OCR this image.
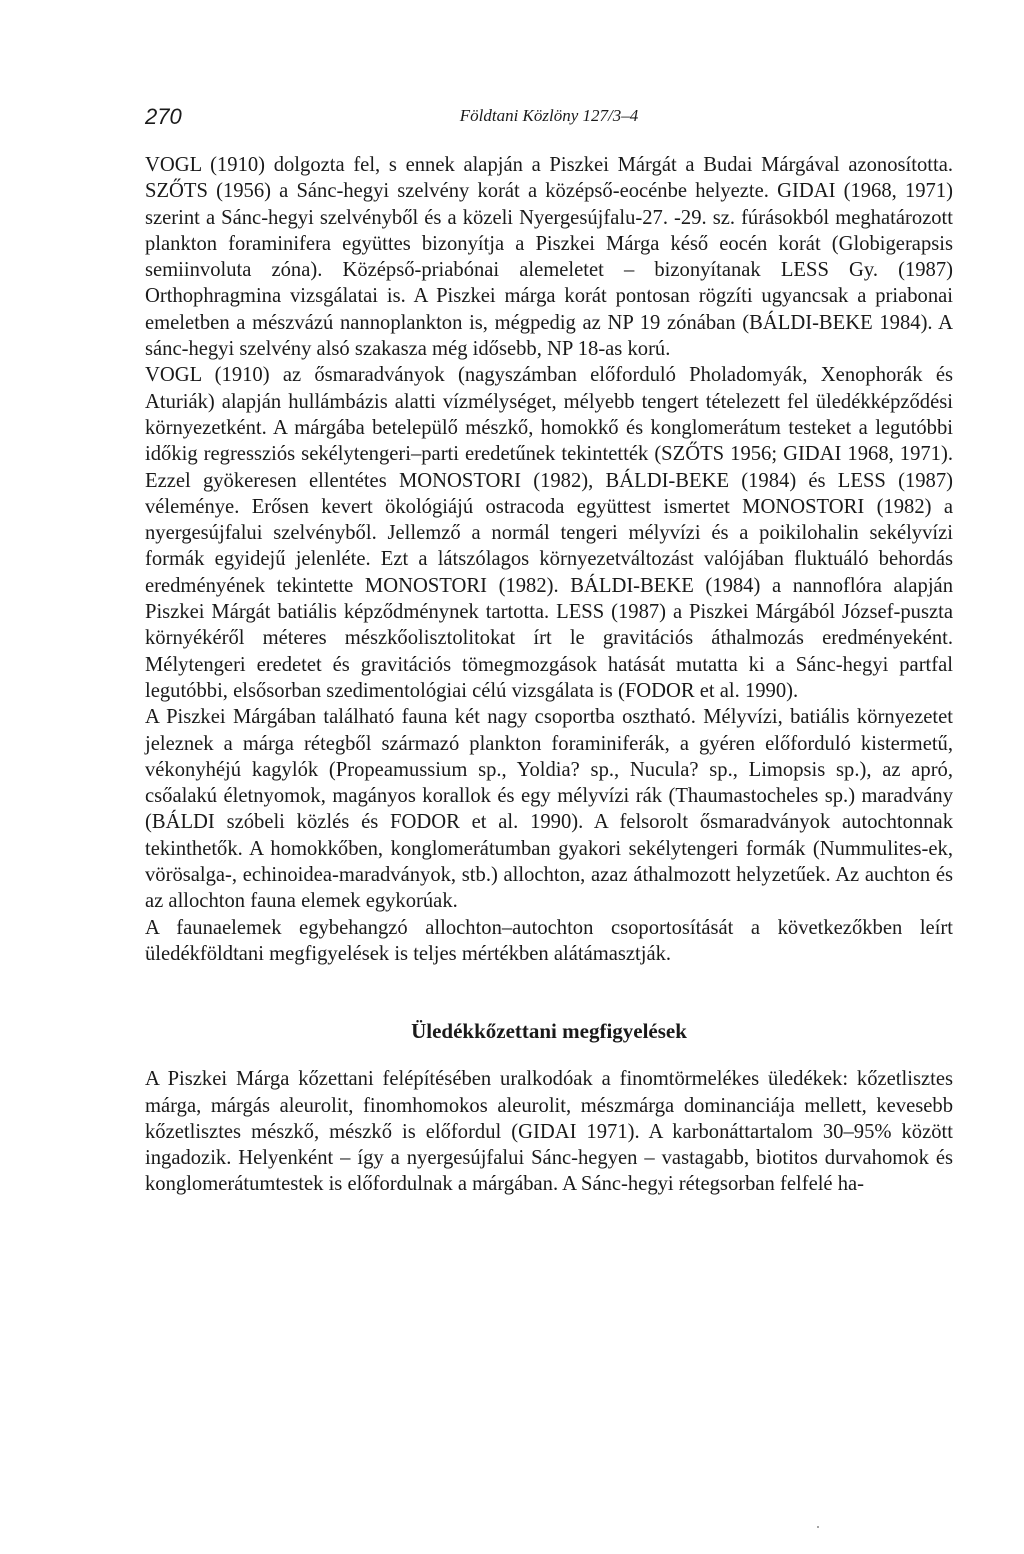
270	Földtani Közlöny 127/3–4

VOGL (1910) dolgozta fel, s ennek alapján a Piszkei Márgát a Budai Márgával azonosította. SZŐTS (1956) a Sánc-hegyi szelvény korát a középső-eocénbe helyezte. GIDAI (1968, 1971) szerint a Sánc-hegyi szelvényből és a közeli Nyergesújfalu-27. -29. sz. fúrásokból meghatározott plankton foraminifera együttes bizonyítja a Piszkei Márga késő eocén korát (Globigerapsis semiinvoluta zóna). Középső-priabónai alemeletet – bizonyítanak LESS Gy. (1987) Orthophragmina vizsgálatai is. A Piszkei márga korát pontosan rögzíti ugyancsak a priabonai emeletben a mészvázú nannoplankton is, mégpedig az NP 19 zónában (BÁLDI-BEKE 1984). A sánc-hegyi szelvény alsó szakasza még idősebb, NP 18-as korú.

VOGL (1910) az ősmaradványok (nagyszámban előforduló Pholadomyák, Xenophorák és Aturiák) alapján hullámbázis alatti vízmélységet, mélyebb tengert tételezett fel üledékképződési környezetként. A márgába betelepülő mészkő, homokkő és konglomerátum testeket a legutóbbi időkig regressziós sekélytengeri–parti eredetűnek tekintették (SZŐTS 1956; GIDAI 1968, 1971). Ezzel gyökeresen ellentétes MONOSTORI (1982), BÁLDI-BEKE (1984) és LESS (1987) véleménye. Erősen kevert ökológiájú ostracoda együttest ismertet MONOSTORI (1982) a nyergesújfalui szelvényből. Jellemző a normál tengeri mélyvízi és a poikilohalin sekélyvízi formák egyidejű jelenléte. Ezt a látszólagos környezetváltozást valójában fluktuáló behordás eredményének tekintette MONOSTORI (1982). BÁLDI-BEKE (1984) a nannoflóra alapján Piszkei Márgát batiális képződménynek tartotta. LESS (1987) a Piszkei Márgából József-puszta környékéről méteres mészkőolisztolitokat írt le gravitációs áthalmozás eredményeként. Mélytengeri eredetet és gravitációs tömegmozgások hatását mutatta ki a Sánc-hegyi partfal legutóbbi, elsősorban szedimentológiai célú vizsgálata is (FODOR et al. 1990).

A Piszkei Márgában található fauna két nagy csoportba osztható. Mélyvízi, batiális környezetet jeleznek a márga rétegből származó plankton foraminiferák, a gyéren előforduló kistermetű, vékonyhéjú kagylók (Propeamussium sp., Yoldia? sp., Nucula? sp., Limopsis sp.), az apró, csőalakú életnyomok, magányos korallok és egy mélyvízi rák (Thaumastocheles sp.) maradvány (BÁLDI szóbeli közlés és FODOR et al. 1990). A felsorolt ősmaradványok autochtonnak tekinthetők. A homokkőben, konglomerátumban gyakori sekélytengeri formák (Nummulites-ek, vörösalga-, echinoidea-maradványok, stb.) allochton, azaz áthalmozott helyzetűek. Az auchton és az allochton fauna elemek egykorúak.

A faunaelemek egybehangzó allochton–autochton csoportosítását a következőkben leírt üledékföldtani megfigyelések is teljes mértékben alátámasztják.

Üledékkőzettani megfigyelések

A Piszkei Márga kőzettani felépítésében uralkodóak a finomtörmelékes üledékek: kőzetlisztes márga, márgás aleurolit, finomhomokos aleurolit, mészmárga dominanciája mellett, kevesebb kőzetlisztes mészkő, mészkő is előfordul (GIDAI 1971). A karbonáttartalom 30–95% között ingadozik. Helyenként – így a nyergesújfalui Sánc-hegyen – vastagabb, biotitos durvahomok és konglomerátumtestek is előfordulnak a márgában. A Sánc-hegyi rétegsorban felfelé ha-
